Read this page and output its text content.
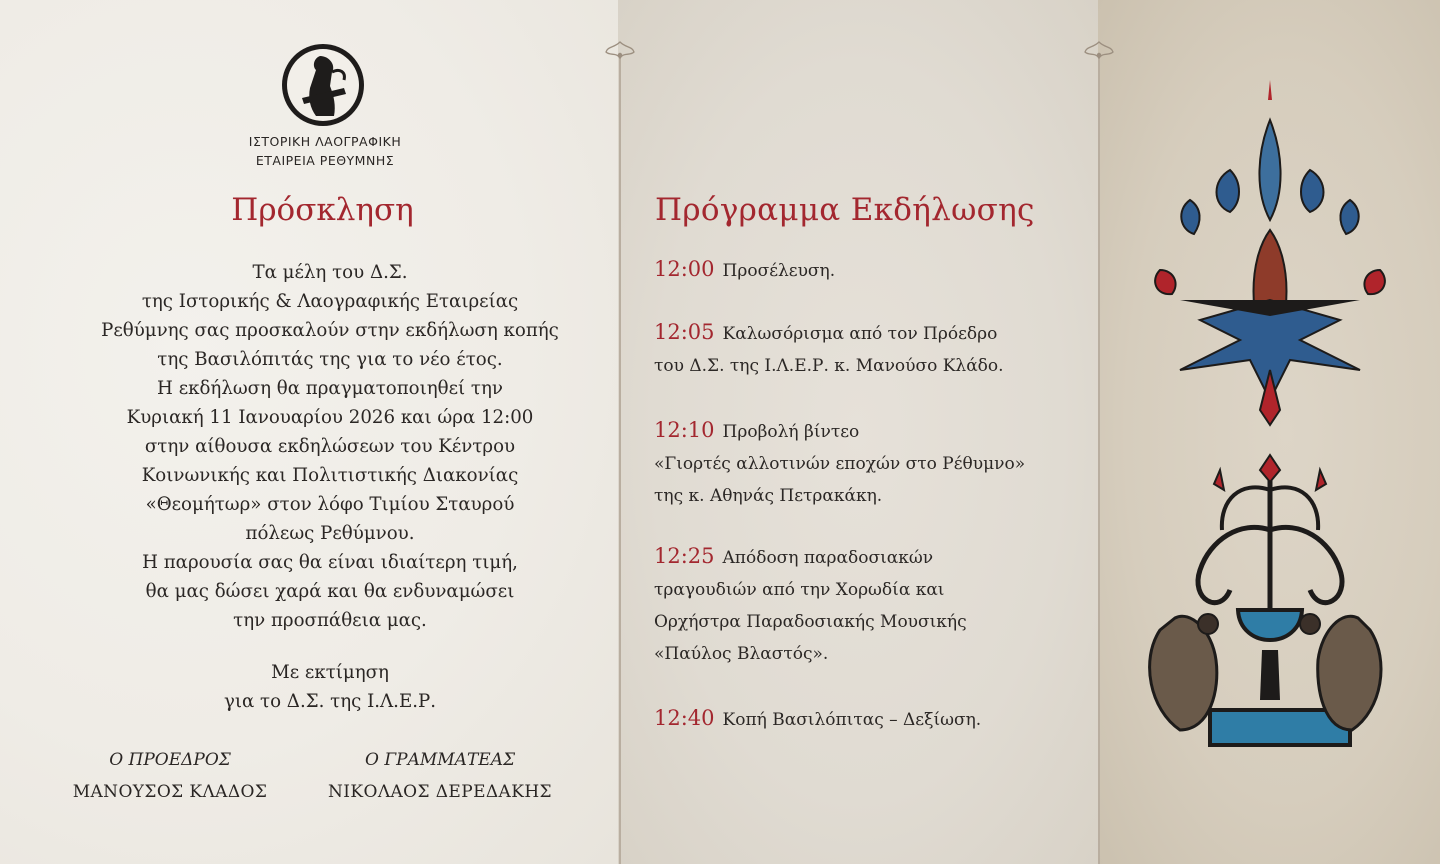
ΙΣΤΟΡΙΚΗ ΛΑΟΓΡΑΦΙΚΗ
ΕΤΑΙΡΕΙΑ ΡΕΘΥΜΝΗΣ
Πρόσκληση
Τα μέλη του Δ.Σ.
της Ιστορικής & Λαογραφικής Εταιρείας
Ρεθύμνης σας προσκαλούν στην εκδήλωση κοπής
της Βασιλόπιτάς της για το νέο έτος.
Η εκδήλωση θα πραγματοποιηθεί την
Κυριακή 11 Ιανουαρίου 2026 και ώρα 12:00
στην αίθουσα εκδηλώσεων του Κέντρου
Κοινωνικής και Πολιτιστικής Διακονίας
«Θεομήτωρ» στον λόφο Τιμίου Σταυρού
πόλεως Ρεθύμνου.
Η παρουσία σας θα είναι ιδιαίτερη τιμή,
θα μας δώσει χαρά και θα ενδυναμώσει
την προσπάθεια μας.
Με εκτίμηση
για το Δ.Σ. της Ι.Λ.Ε.Ρ.
Ο ΠΡΟΕΔΡΟΣ
ΜΑΝΟΥΣΟΣ ΚΛΑΔΟΣ
Ο ΓΡΑΜΜΑΤΕΑΣ
ΝΙΚΟΛΑΟΣ ΔΕΡΕΔΑΚΗΣ
Πρόγραμμα Εκδήλωσης
12:00 Προσέλευση.
12:05 Καλωσόρισμα από τον Πρόεδρο
του Δ.Σ. της Ι.Λ.Ε.Ρ. κ. Μανούσο Κλάδο.
12:10 Προβολή βίντεο
«Γιορτές αλλοτινών εποχών στο Ρέθυμνο»
της κ. Αθηνάς Πετρακάκη.
12:25 Απόδοση παραδοσιακών
τραγουδιών από την Χορωδία και
Ορχήστρα Παραδοσιακής Μουσικής
«Παύλος Βλαστός».
12:40 Κοπή Βασιλόπιτας – Δεξίωση.
